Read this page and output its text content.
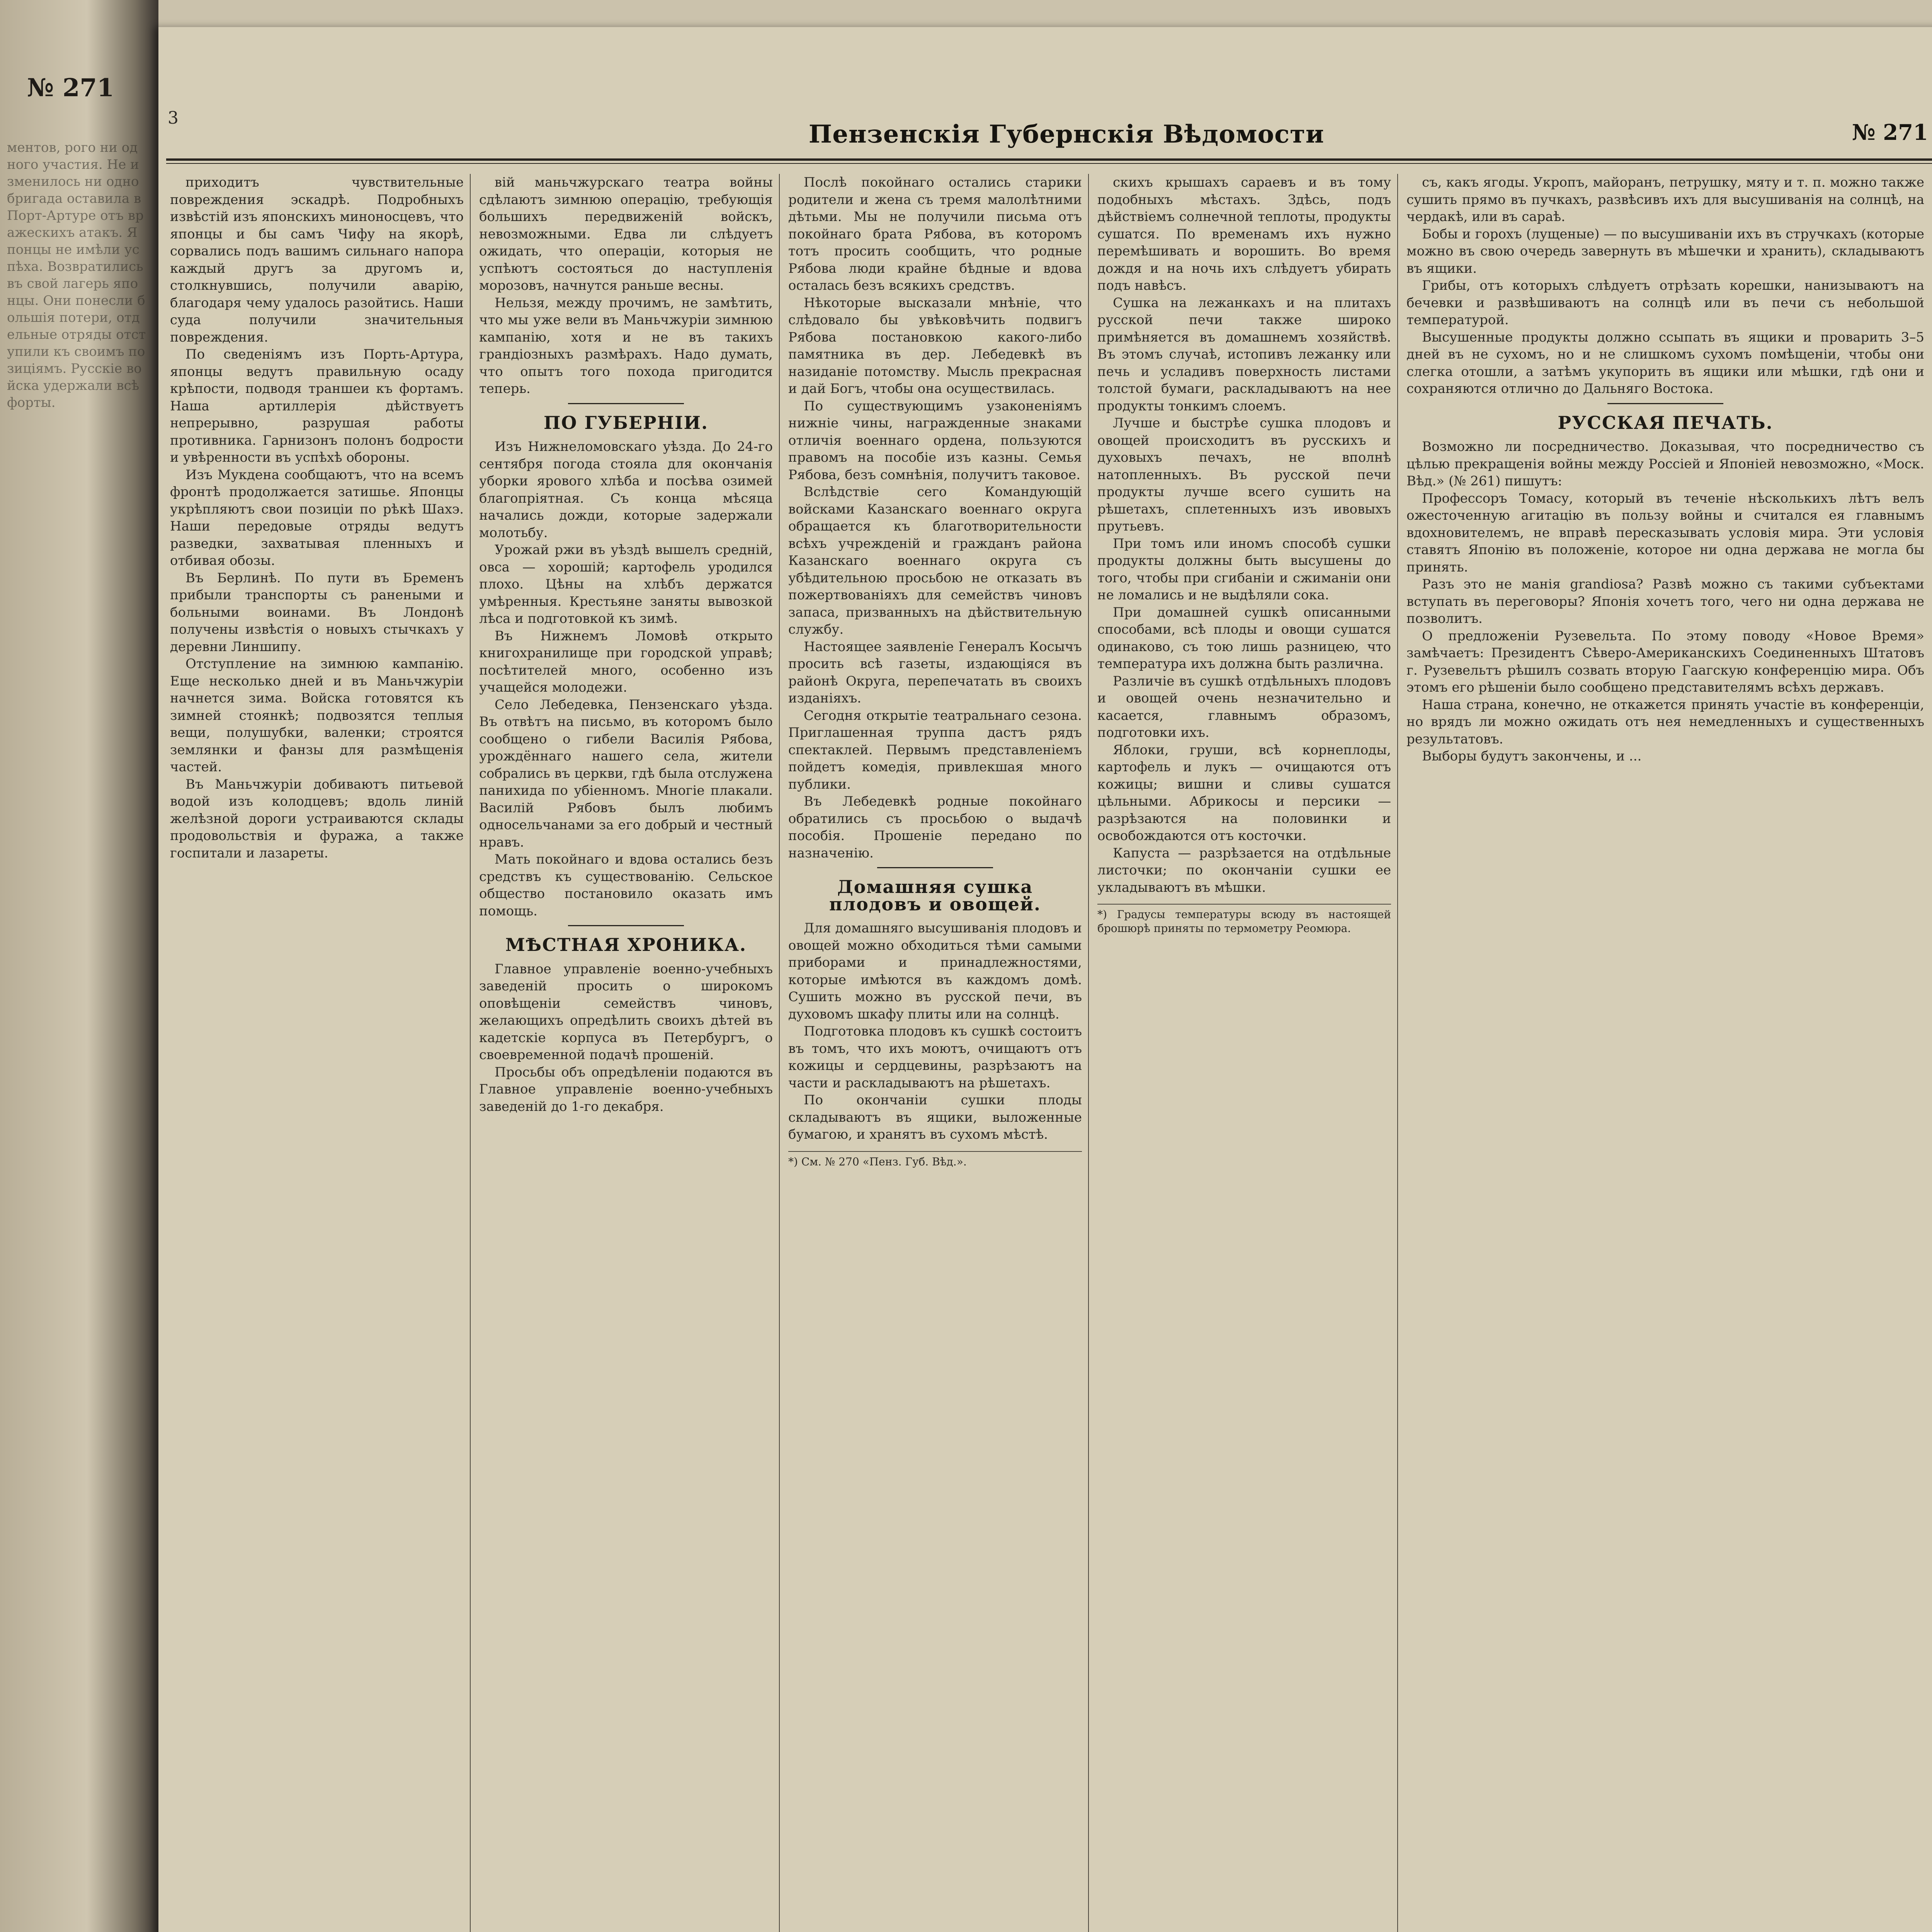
№ 271
ментов, рого ни одного участия. Не изменилось ни одно бригада оставила в Порт-Артуре отъ вражескихъ атакъ. Японцы не имѣли успѣха. Возвратились въ свой лагерь японцы. Они понесли большія потери, отдельные отряды отступили къ своимъ позиціямъ. Русскіе войска удержали всѣ форты.
3
Пензенскія Губернскія Вѣдомости	№ 271
приходитъ чувствительные повреждения эскадрѣ. Подробныхъ извѣстій изъ японскихъ миноносцевъ, что японцы и бы самъ Чифу на якорѣ, сорвались подъ вашимъ сильнаго напора каждый другъ за другомъ и, столкнувшись, получили аварію, благодаря чему удалось разойтись. Наши суда получили значительныя повреждения.
По сведеніямъ изъ Порть-Артура, японцы ведутъ правильную осаду крѣпости, подводя траншеи къ фортамъ. Наша артиллерія дѣйствуетъ непрерывно, разрушая работы противника. Гарнизонъ полонъ бодрости и увѣренности въ успѣхѣ обороны.
Изъ Мукдена сообщаютъ, что на всемъ фронтѣ продолжается затишье. Японцы укрѣпляютъ свои позиціи по рѣкѣ Шахэ. Наши передовые отряды ведутъ разведки, захватывая пленныхъ и отбивая обозы.
Въ Берлинѣ. По пути въ Бременъ прибыли транспорты съ ранеными и больными воинами. Въ Лондонѣ получены извѣстія о новыхъ стычкахъ у деревни Линшипу.
Отступление на зимнюю кампанію. Еще несколько дней и въ Маньчжуріи начнется зима. Войска готовятся къ зимней стоянкѣ; подвозятся теплыя вещи, полушубки, валенки; строятся землянки и фанзы для размѣщенія частей.
Въ Маньчжуріи добиваютъ питьевой водой изъ колодцевъ; вдоль линій желѣзной дороги устраиваются склады продовольствія и фуража, а также госпитали и лазареты.
вій маньчжурскаго театра войны сдѣлаютъ зимнюю операцію, требующія большихъ передвиженій войскъ, невозможными. Едва ли слѣдуетъ ожидать, что операціи, которыя не успѣютъ состояться до наступленія морозовъ, начнутся раньше весны.
Нельзя, между прочимъ, не замѣтить, что мы уже вели въ Маньчжуріи зимнюю кампанію, хотя и не въ такихъ грандіозныхъ размѣрахъ. Надо думать, что опытъ того похода пригодится теперь.
ПО ГУБЕРНІИ.
Изъ Нижнеломовскаго уѣзда. До 24-го сентября погода стояла для окончанія уборки ярового хлѣба и посѣва озимей благопріятная. Съ конца мѣсяца начались дожди, которые задержали молотьбу.
Урожай ржи въ уѣздѣ вышелъ средній, овса — хорошій; картофель уродился плохо. Цѣны на хлѣбъ держатся умѣренныя. Крестьяне заняты вывозкой лѣса и подготовкой къ зимѣ.
Въ Нижнемъ Ломовѣ открыто книгохранилище при городской управѣ; посѣтителей много, особенно изъ учащейся молодежи.
Село Лебедевка, Пензенскаго уѣзда. Въ отвѣтъ на письмо, въ которомъ было сообщено о гибели Василія Рябова, урождённаго нашего села, жители собрались въ церкви, гдѣ была отслужена панихида по убіенномъ. Многіе плакали. Василій Рябовъ былъ любимъ односельчанами за его добрый и честный нравъ.
Мать покойнаго и вдова остались безъ средствъ къ существованію. Сельское общество постановило оказать имъ помощь.
МѢСТНАЯ ХРОНИКА.
Главное управленіе военно-учебныхъ заведеній просить о широкомъ оповѣщеніи семействъ чиновъ, желающихъ опредѣлить своихъ дѣтей въ кадетскіе корпуса въ Петербургъ, о своевременной подачѣ прошеній.
Просьбы объ опредѣленіи подаются въ Главное управленіе военно-учебныхъ заведеній до 1-го декабря.
Послѣ покойнаго остались старики родители и жена съ тремя малолѣтними дѣтьми. Мы не получили письма отъ покойнаго брата Рябова, въ которомъ тотъ просить сообщить, что родные Рябова люди крайне бѣдные и вдова осталась безъ всякихъ средствъ.
Нѣкоторые высказали мнѣніе, что слѣдовало бы увѣковѣчить подвигъ Рябова постановкою какого-либо памятника въ дер. Лебедевкѣ въ назиданіе потомству. Мысль прекрасная и дай Богъ, чтобы она осуществилась.
По существующимъ узаконеніямъ нижніе чины, награжденные знаками отличія военнаго ордена, пользуются правомъ на пособіе изъ казны. Семья Рябова, безъ сомнѣнія, получитъ таковое.
Вслѣдствіе сего Командующій войсками Казанскаго военнаго округа обращается къ благотворительности всѣхъ учрежденій и гражданъ района Казанскаго военнаго округа съ убѣдительною просьбою не отказать въ пожертвованіяхъ для семействъ чиновъ запаса, призванныхъ на дѣйствительную службу.
Настоящее заявленіе Генералъ Косычъ просить всѣ газеты, издающіяся въ районѣ Округа, перепечатать въ своихъ изданіяхъ.
Сегодня открытіе театральнаго сезона. Приглашенная труппа дастъ рядъ спектаклей. Первымъ представленіемъ пойдетъ комедія, привлекшая много публики.
Въ Лебедевкѣ родные покойнаго обратились съ просьбою о выдачѣ пособія. Прошеніе передано по назначенію.
Домашняя сушка плодовъ и овощей.
Для домашняго высушиванія плодовъ и овощей можно обходиться тѣми самыми приборами и принадлежностями, которые имѣются въ каждомъ домѣ. Сушить можно въ русской печи, въ духовомъ шкафу плиты или на солнцѣ.
Подготовка плодовъ къ сушкѣ состоитъ въ томъ, что ихъ моютъ, очищаютъ отъ кожицы и сердцевины, разрѣзаютъ на части и раскладываютъ на рѣшетахъ.
По окончаніи сушки плоды складываютъ въ ящики, выложенные бумагою, и хранятъ въ сухомъ мѣстѣ.
*) См. № 270 «Пенз. Губ. Вѣд.».
скихъ крышахъ сараевъ и въ тому подобныхъ мѣстахъ. Здѣсь, подъ дѣйствіемъ солнечной теплоты, продукты сушатся. По временамъ ихъ нужно перемѣшивать и ворошить. Во время дождя и на ночь ихъ слѣдуетъ убирать подъ навѣсъ.
Сушка на лежанкахъ и на плитахъ русской печи также широко примѣняется въ домашнемъ хозяйствѣ. Въ этомъ случаѣ, истопивъ лежанку или печь и усладивъ поверхность листами толстой бумаги, раскладываютъ на нее продукты тонкимъ слоемъ.
Лучше и быстрѣе сушка плодовъ и овощей происходитъ въ русскихъ и духовыхъ печахъ, не вполнѣ натопленныхъ. Въ русской печи продукты лучше всего сушить на рѣшетахъ, сплетенныхъ изъ ивовыхъ прутьевъ.
При томъ или иномъ способѣ сушки продукты должны быть высушены до того, чтобы при сгибаніи и сжиманіи они не ломались и не выдѣляли сока.
При домашней сушкѣ описанными способами, всѣ плоды и овощи сушатся одинаково, съ тою лишь разницею, что температура ихъ должна быть различна.
Различіе въ сушкѣ отдѣльныхъ плодовъ и овощей очень незначительно и касается, главнымъ образомъ, подготовки ихъ.
Яблоки, груши, всѣ корнеплоды, картофель и лукъ — очищаются отъ кожицы; вишни и сливы сушатся цѣльными. Абрикосы и персики — разрѣзаются на половинки и освобождаются отъ косточки.
Капуста — разрѣзается на отдѣльные листочки; по окончаніи сушки ее укладываютъ въ мѣшки.
*) Градусы температуры всюду въ настоящей брошюрѣ приняты по термометру Реомюра.
съ, какъ ягоды. Укропъ, майоранъ, петрушку, мяту и т. п. можно также сушить прямо въ пучкахъ, развѣсивъ ихъ для высушиванія на солнцѣ, на чердакѣ, или въ сараѣ.
Бобы и горохъ (лущеные) — по высушиваніи ихъ въ стручкахъ (которые можно въ свою очередь завернуть въ мѣшечки и хранить), складываютъ въ ящики.
Грибы, отъ которыхъ слѣдуетъ отрѣзать корешки, нанизываютъ на бечевки и развѣшиваютъ на солнцѣ или въ печи съ небольшой температурой.
Высушенные продукты должно ссыпать въ ящики и проварить 3–5 дней въ не сухомъ, но и не слишкомъ сухомъ помѣщеніи, чтобы они слегка отошли, а затѣмъ укупорить въ ящики или мѣшки, гдѣ они и сохраняются отлично до Дальняго Востока.
РУССКАЯ ПЕЧАТЬ.
Возможно ли посредничество. Доказывая, что посредничество съ цѣлью прекращенія войны между Россіей и Японіей невозможно, «Моск. Вѣд.» (№ 261) пишутъ:
Профессоръ Томасу, который въ теченіе нѣсколькихъ лѣтъ велъ ожесточенную агитацію въ пользу войны и считался ея главнымъ вдохновителемъ, не вправѣ пересказывать условія мира. Эти условія ставятъ Японію въ положеніе, которое ни одна держава не могла бы принять.
Разъ это не манія grandiosa? Развѣ можно съ такими субъектами вступать въ переговоры? Японія хочетъ того, чего ни одна держава не позволитъ.
О предложеніи Рузевельта. По этому поводу «Новое Время» замѣчаетъ: Президентъ Сѣверо-Американскихъ Соединенныхъ Штатовъ г. Рузевельтъ рѣшилъ созвать вторую Гаагскую конференцію мира. Объ этомъ его рѣшеніи было сообщено представителямъ всѣхъ державъ.
Наша страна, конечно, не откажется принять участіе въ конференціи, но врядъ ли можно ожидать отъ нея немедленныхъ и существенныхъ результатовъ.
Выборы будутъ закончены, и ...
